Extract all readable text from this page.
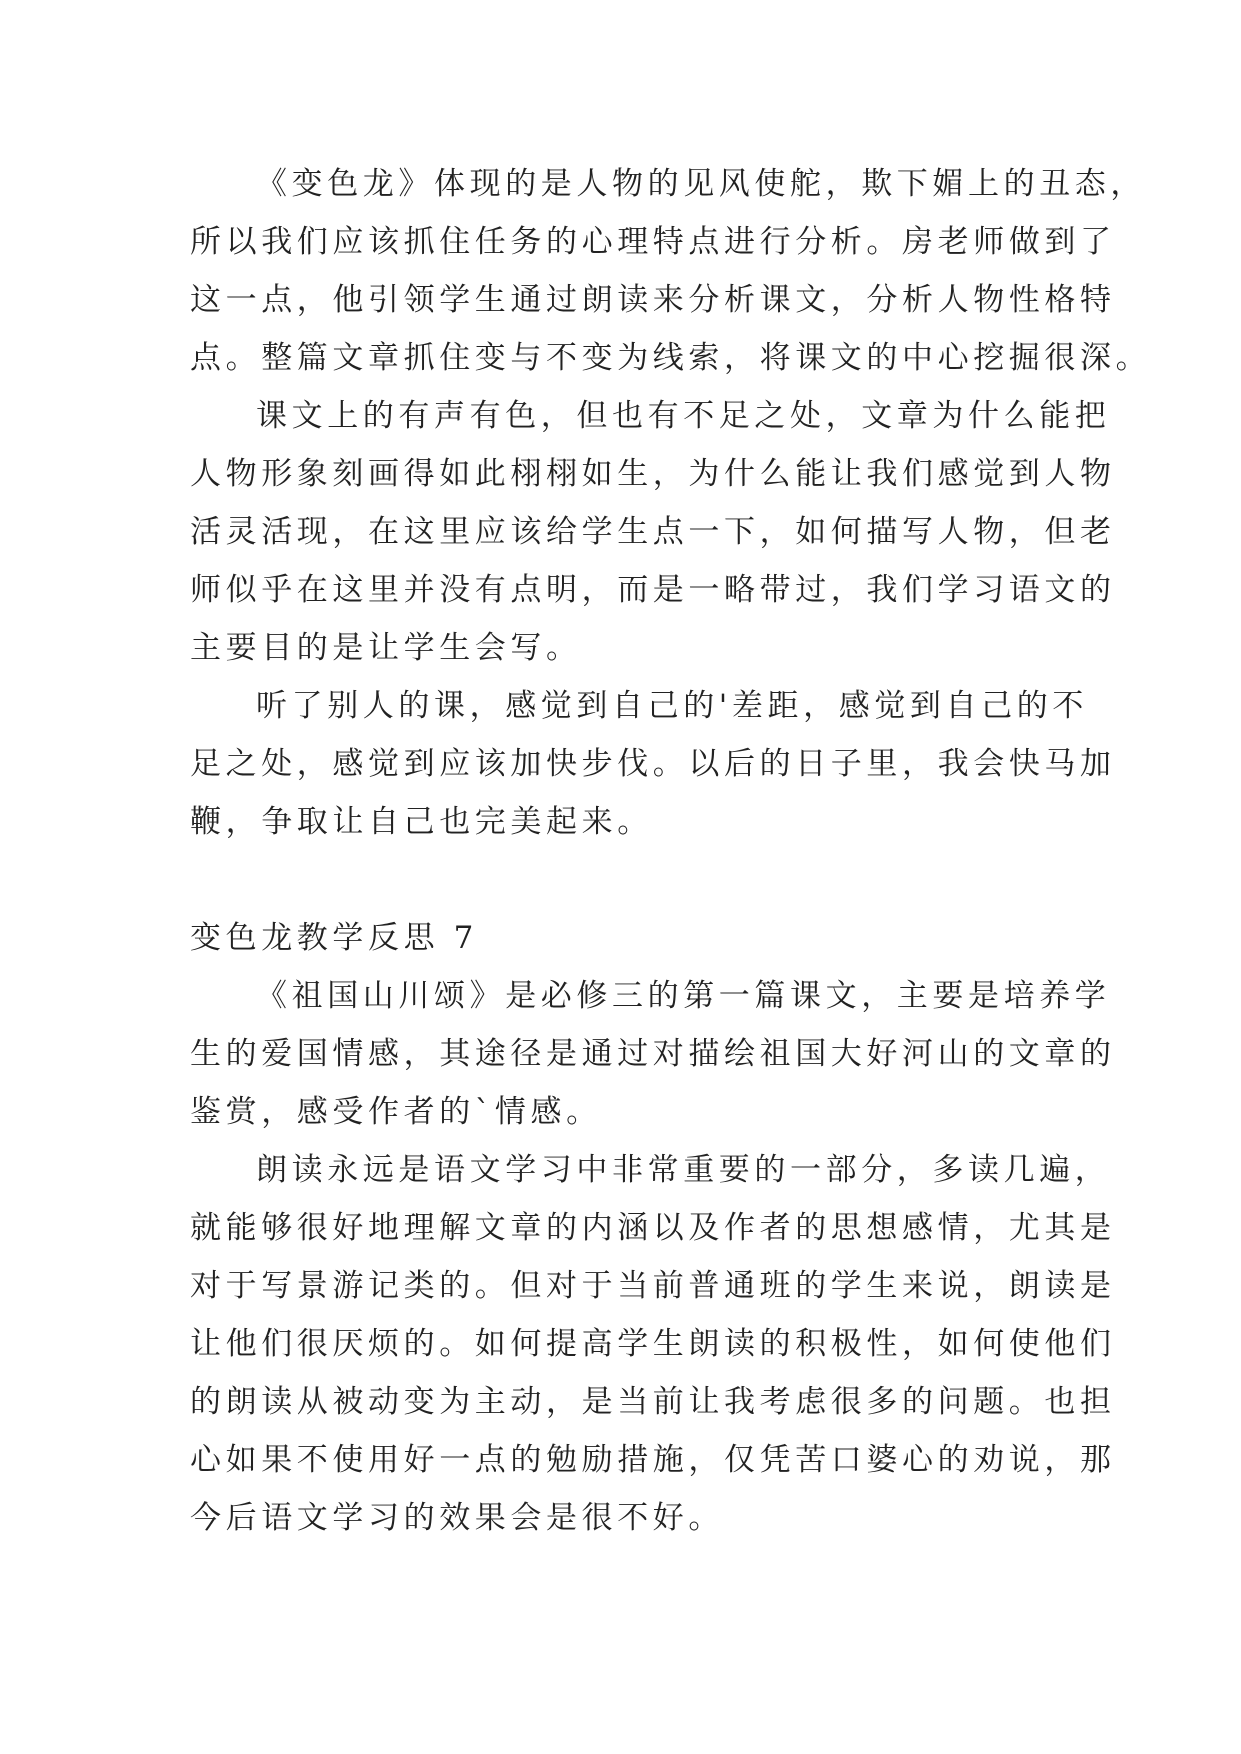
《变色龙》体现的是人物的见风使舵，欺下媚上的丑态，
所以我们应该抓住任务的心理特点进行分析。房老师做到了
这一点，他引领学生通过朗读来分析课文，分析人物性格特
点。整篇文章抓住变与不变为线索，将课文的中心挖掘很深。
课文上的有声有色，但也有不足之处，文章为什么能把
人物形象刻画得如此栩栩如生，为什么能让我们感觉到人物
活灵活现，在这里应该给学生点一下，如何描写人物，但老
师似乎在这里并没有点明，而是一略带过，我们学习语文的
主要目的是让学生会写。
听了别人的课，感觉到自己的'差距，感觉到自己的不
足之处，感觉到应该加快步伐。以后的日子里，我会快马加
鞭，争取让自己也完美起来。
变色龙教学反思 7
《祖国山川颂》是必修三的第一篇课文，主要是培养学
生的爱国情感，其途径是通过对描绘祖国大好河山的文章的
鉴赏，感受作者的`情感。
朗读永远是语文学习中非常重要的一部分，多读几遍，
就能够很好地理解文章的内涵以及作者的思想感情，尤其是
对于写景游记类的。但对于当前普通班的学生来说，朗读是
让他们很厌烦的。如何提高学生朗读的积极性，如何使他们
的朗读从被动变为主动，是当前让我考虑很多的问题。也担
心如果不使用好一点的勉励措施，仅凭苦口婆心的劝说，那
今后语文学习的效果会是很不好。
